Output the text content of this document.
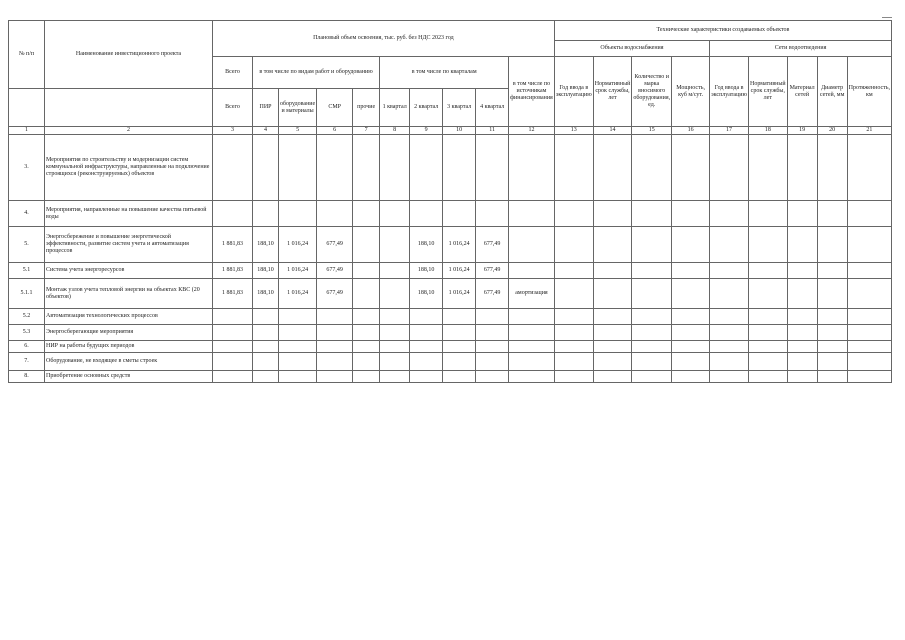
№ п/п	Наименование инвестиционного проекта	Плановый объем освоения, тыс. руб. без НДС 2023 год										Технические характеристики создаваемых объектов								
												Объекты водоснабжения				Сети водоотведения				
		Всего	в том числе по видам работ и оборудованию				в том числе по кварталам				в том числе по источникам финансирования	Год ввода в эксплуатацию	Нормативный срок службы, лет	Количество и марка вносимого оборудования, ед.	Мощность, куб м/сут.	Год ввода в эксплуатацию	Нормативный срок службы, лет	Материал сетей	Диаметр сетей, мм	Протяженность, км
		Всего	ПИР	оборудование и материалы	СМР	прочие	1 квартал	2 квартал	3 квартал	4 квартал										
1	2	3	4	5	6	7	8	9	10	11	12	13	14	15	16	17	18	19	20	21
3.	Мероприятия по строительству и модернизации систем коммунальной инфраструктуры, направленные на подключение строящихся (реконструируемых) объектов																			
4.	Мероприятия, направленные на повышение качества питьевой воды																			
5.	Энергосбережение и повышение энергетической эффективности, развитие систем учета и автоматизация процессов	1 881,83	188,10	1 016,24	677,49			188,10	1 016,24	677,49										
5.1	Система учета энергоресурсов	1 881,83	188,10	1 016,24	677,49			188,10	1 016,24	677,49										
5.1.1	Монтаж узлов учета тепловой энергии на объектах КВС (20 объектов)	1 881,83	188,10	1 016,24	677,49			188,10	1 016,24	677,49	амортизация									
5.2	Автоматизация технологических процессов																			
5.3	Энергосберегающие мероприятия																			
6.	НИР на работы будущих периодов																			
7.	Оборудование, не входящее в сметы строек																			
8.	Приобретение основных средств																			
